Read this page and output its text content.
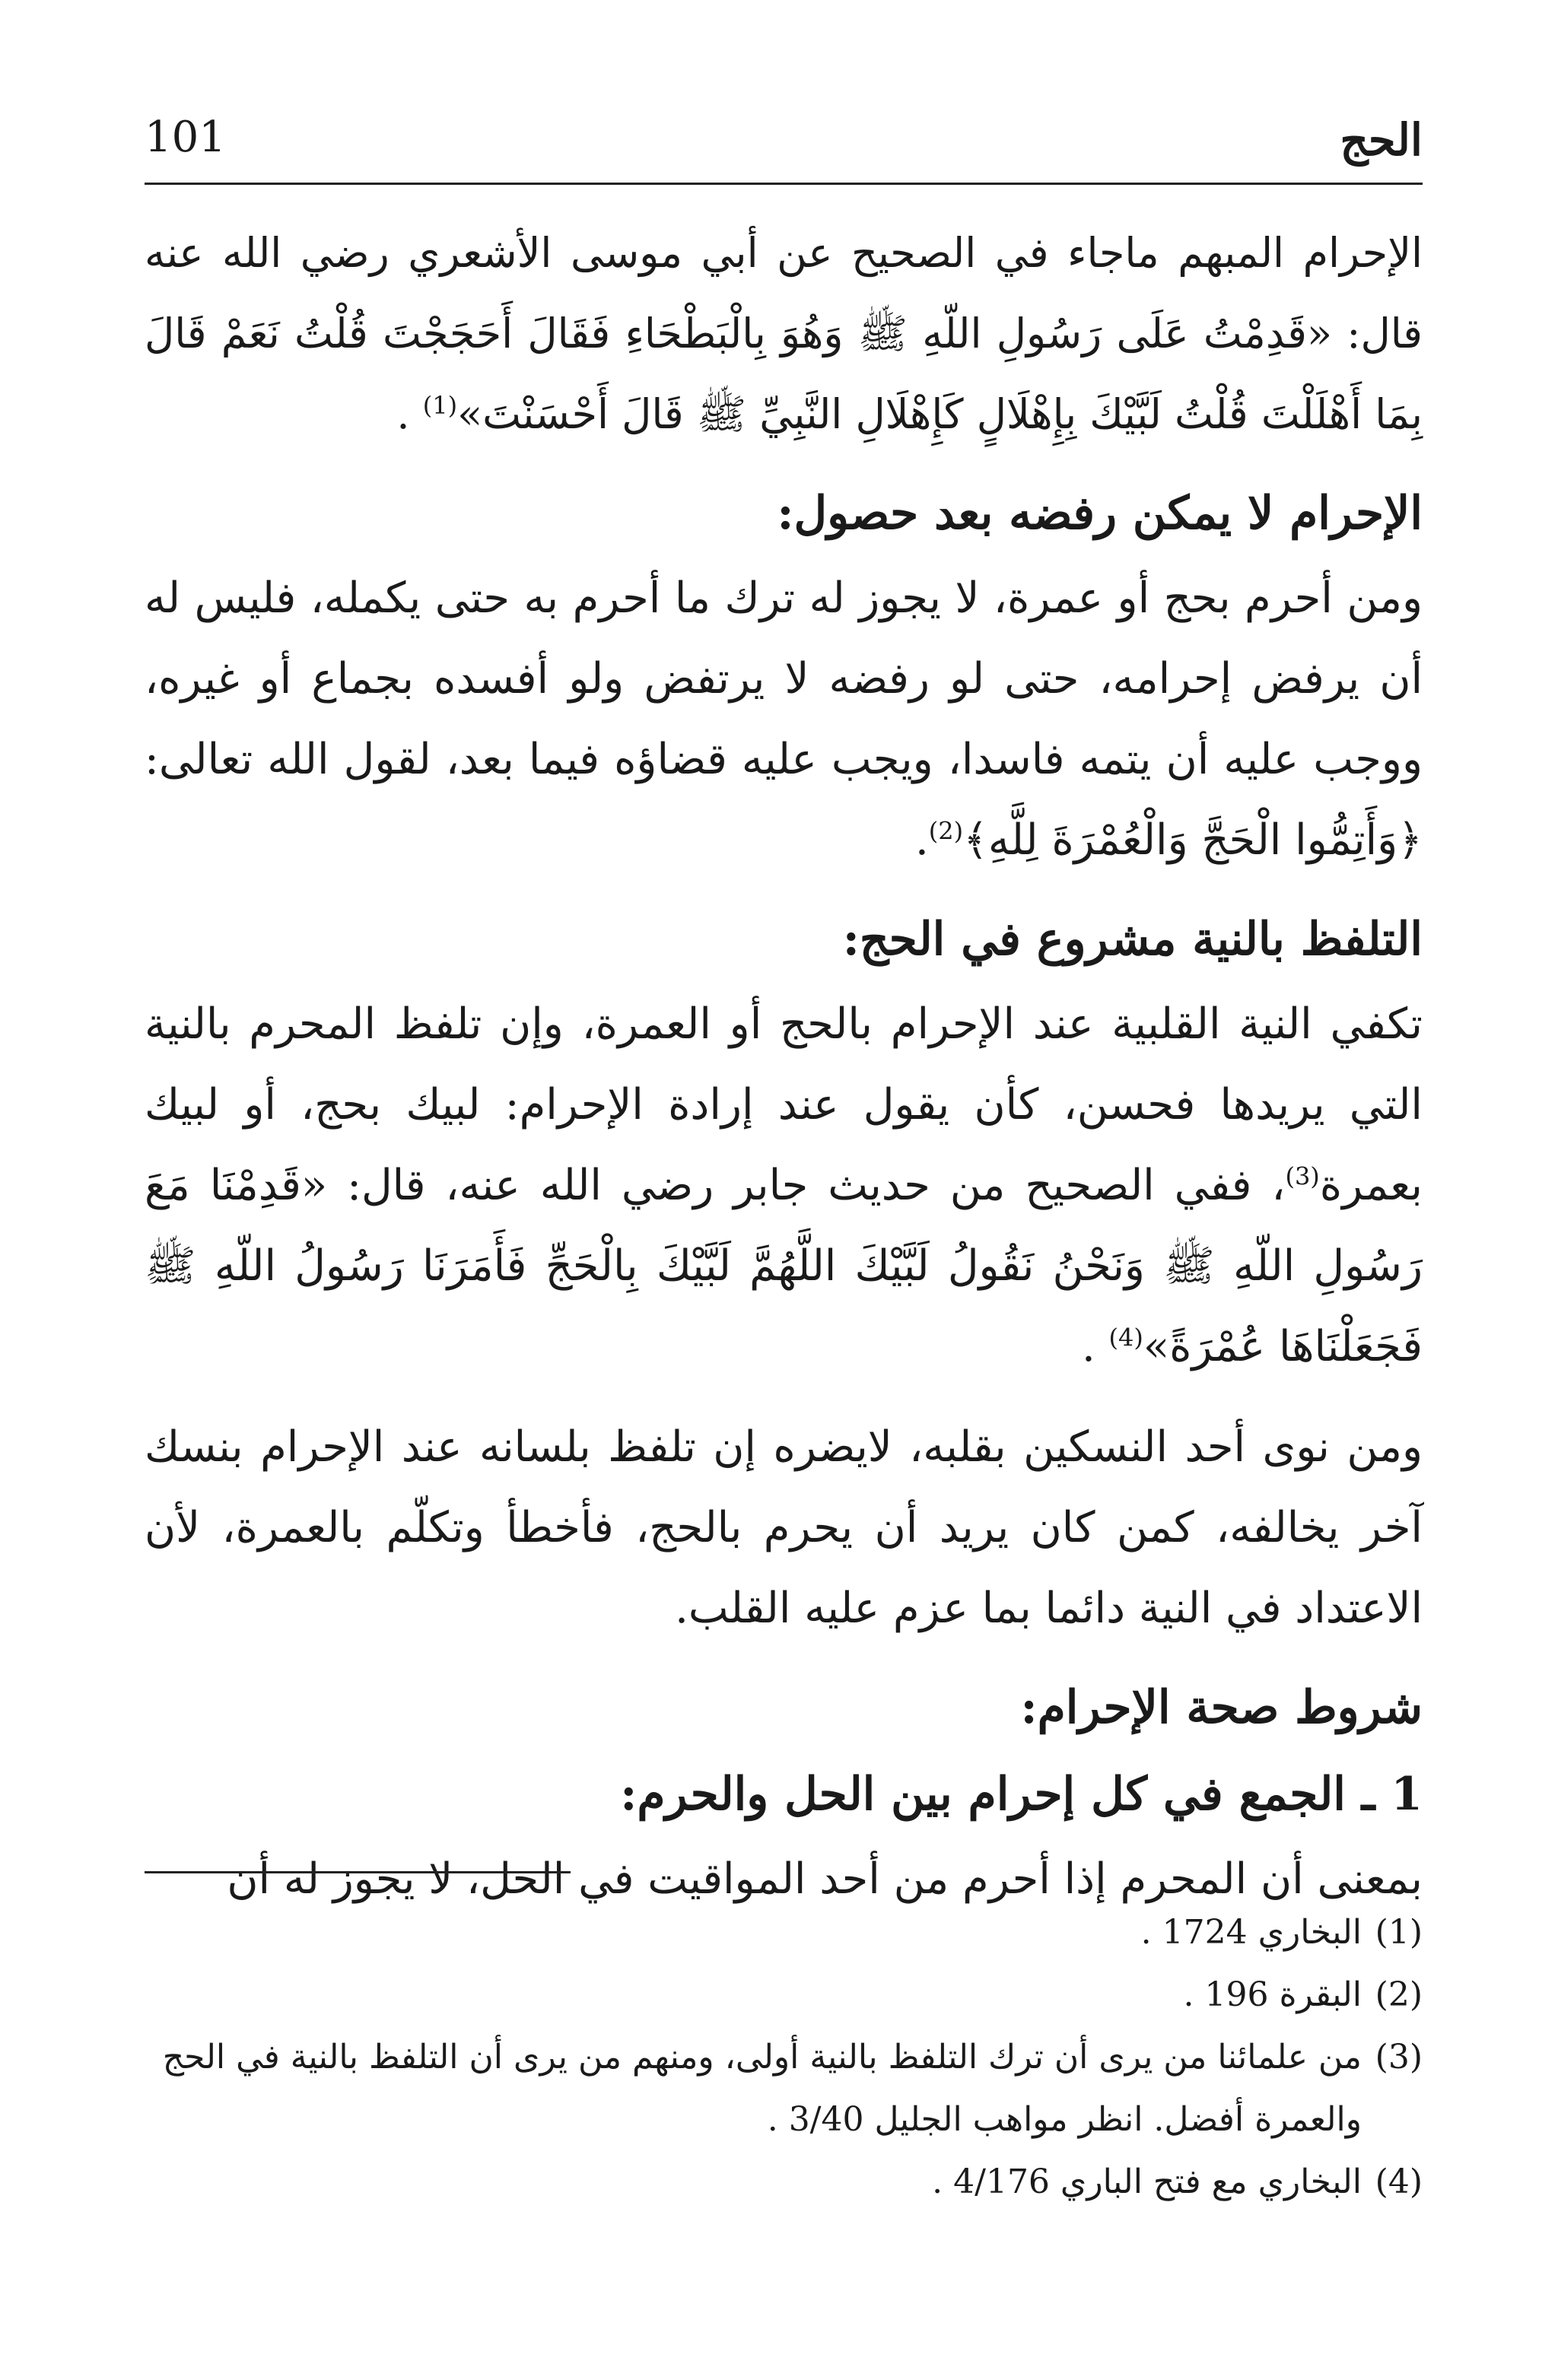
الحج
101

الإحرام المبهم ماجاء في الصحيح عن أبي موسى الأشعري رضي الله عنه قال: «قَدِمْتُ عَلَى رَسُولِ اللّهِ ﷺ وَهُوَ بِالْبَطْحَاءِ فَقَالَ أَحَجَجْتَ قُلْتُ نَعَمْ قَالَ بِمَا أَهْلَلْتَ قُلْتُ لَبَّيْكَ بِإِهْلَالٍ كَإِهْلَالِ النَّبِيِّ ﷺ قَالَ أَحْسَنْتَ»$^{(1)}$ .

الإحرام لا يمكن رفضه بعد حصول:

ومن أحرم بحج أو عمرة، لا يجوز له ترك ما أحرم به حتى يكمله، فليس له أن يرفض إحرامه، حتى لو رفضه لا يرتفض ولو أفسده بجماع أو غيره، ووجب عليه أن يتمه فاسدا، ويجب عليه قضاؤه فيما بعد، لقول الله تعالى: ﴿وَأَتِمُّوا الْحَجَّ وَالْعُمْرَةَ لِلَّهِ﴾$^{(2)}$.

التلفظ بالنية مشروع في الحج:

تكفي النية القلبية عند الإحرام بالحج أو العمرة، وإن تلفظ المحرم بالنية التي يريدها فحسن، كأن يقول عند إرادة الإحرام: لبيك بحج، أو لبيك بعمرة$^{(3)}$، ففي الصحيح من حديث جابر رضي الله عنه، قال: «قَدِمْنَا مَعَ رَسُولِ اللّهِ ﷺ وَنَحْنُ نَقُولُ لَبَّيْكَ اللَّهُمَّ لَبَّيْكَ بِالْحَجِّ فَأَمَرَنَا رَسُولُ اللّهِ ﷺ فَجَعَلْنَاهَا عُمْرَةً»$^{(4)}$ .

ومن نوى أحد النسكين بقلبه، لايضره إن تلفظ بلسانه عند الإحرام بنسك آخر يخالفه، كمن كان يريد أن يحرم بالحج، فأخطأ وتكلّم بالعمرة، لأن الاعتداد في النية دائما بما عزم عليه القلب.

شروط صحة الإحرام:
1 ـ الجمع في كل إحرام بين الحل والحرم:

بمعنى أن المحرم إذا أحرم من أحد المواقيت في الحل، لا يجوز له أن

(1)
البخاري 1724 .
(2)
البقرة 196 .
(3)
من علمائنا من يرى أن ترك التلفظ بالنية أولى، ومنهم من يرى أن التلفظ بالنية في الحج والعمرة أفضل. انظر مواهب الجليل 3/40 .
(4)
البخاري مع فتح الباري 4/176 .
